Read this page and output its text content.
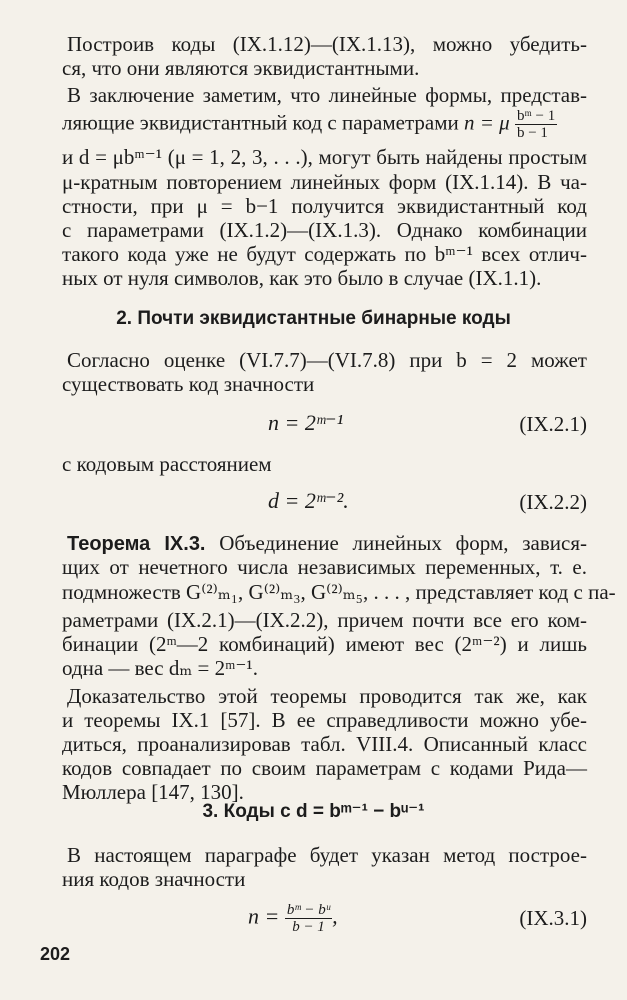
Построив коды (IX.1.12)—(IX.1.13), можно убедить-
ся, что они являются эквидистантными.
В заключение заметим, что линейные формы, представ-
ляющие эквидистантный код с параметрами n = μ $\frac{\text{bᵐ − 1}}{b - 1}$
и d = μbᵐ⁻¹ (μ = 1, 2, 3, . . .), могут быть найдены простым
μ-кратным повторением линейных форм (IX.1.14). В ча-
стности, при μ = b−1 получится эквидистантный код
с параметрами (IX.1.2)—(IX.1.3). Однако комбинации
такого кода уже не будут содержать по bᵐ⁻¹ всех отлич-
ных от нуля символов, как это было в случае (IX.1.1).
2. Почти эквидистантные бинарные коды
Согласно оценке (VI.7.7)—(VI.7.8) при b = 2 может
существовать код значности
n = 2ᵐ⁻¹	(IX.2.1)
с кодовым расстоянием
d = 2ᵐ⁻².	(IX.2.2)
Теорема IX.3. Объединение линейных форм, завися-
щих от нечетного числа независимых переменных, т. е.
подмножеств G⁽²⁾ₘ₁, G⁽²⁾ₘ₃, G⁽²⁾ₘ₅, . . . , представляет код с па-
раметрами (IX.2.1)—(IX.2.2), причем почти все его ком-
бинации (2ᵐ—2 комбинаций) имеют вес (2ᵐ⁻²) и лишь
одна — вес dₘ = 2ᵐ⁻¹.
Доказательство этой теоремы проводится так же, как
и теоремы IX.1 [57]. В ее справедливости можно убе-
диться, проанализировав табл. VIII.4. Описанный класс
кодов совпадает по своим параметрам с кодами Рида—
Мюллера [147, 130].
3. Коды с d = bᵐ⁻¹ − bᵘ⁻¹
В настоящем параграфе будет указан метод построе-
ния кодов значности
$n = \frac{\text{bᵐ − bᵘ}}{b - 1}$ ,	(IX.3.1)
202
